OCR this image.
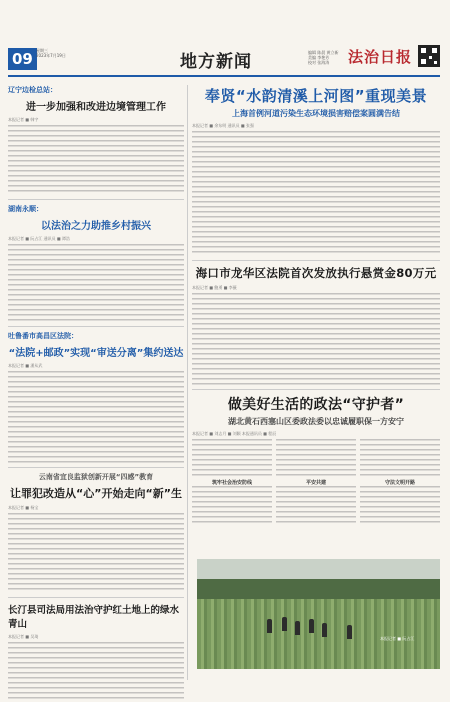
09 星期三
2023年7月19日	地方新闻	编辑 陈晨 黄立新
美编 李艳芳
校对 张海涛	法治日报
辽宁边检总站：
进一步加强和改进边境管理工作
本报记者 ■ 韩宇
湖南永顺：
以法治之力助推乡村振兴
本报记者 ■ 阮占江 通讯员 ■ 谭浩
吐鲁番市高昌区法院：
“法院+邮政”实现“审送分离”集约送达
本报记者 ■ 潘从武
云南省宜良监狱创新开展“四感”教育
让罪犯改造从“心”开始走向“新”生
本报记者 ■ 杨宝
长汀县司法局用法治守护红土地上的绿水青山
本报记者 ■ 吴琦
奉贤“水韵清溪上河图”重现美景
上海首例河道污染生态环境损害赔偿案圆满告结
本报记者 ■ 余东明 通讯员 ■ 张强
海口市龙华区法院首次发放执行悬赏金80万元
本报记者 ■ 鲍勇 ■ 李薇
做美好生活的政法“守护者”
湖北黄石西塞山区委政法委以忠诚履职保一方安宁
本报记者 ■ 刘志月 ■ 刘颖 本报通讯员 ■ 程辰
筑牢社会治安防线	平安共建	守法文明开路
本报记者 ■ 阮占江
